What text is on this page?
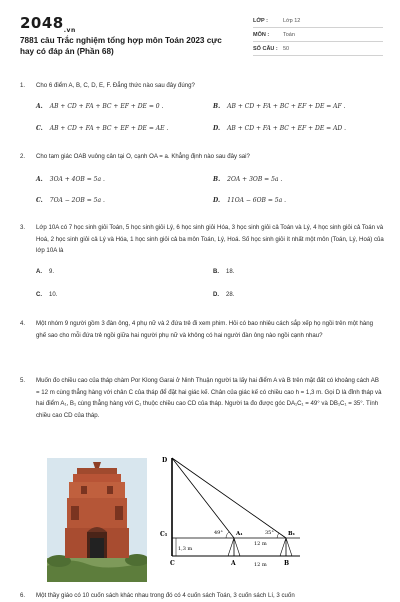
$2048_{.vn}$
7881 câu Trắc nghiệm tổng hợp môn Toán 2023 cực hay có đáp án (Phần 68)
LỚP :	Lớp 12
MÔN :	Toán
SỐ CÂU : 50
1. Cho 6 điểm A, B, C, D, E, F. Đẳng thức nào sau đây đúng?
A. AB + CD + FA + BC + EF + DE = 0 .	B. AB + CD + FA + BC + EF + DE = AF .
C. AB + CD + FA + BC + EF + DE = AE .	D. AB + CD + FA + BC + EF + DE = AD .
2. Cho tam giác OAB vuông cân tại O, cạnh OA = a. Khẳng định nào sau đây sai?
A. 3OA + 4OB = 5a .	B. 2OA + 3OB = 5a .
C. 7OA − 2OB = 5a .	D. 11OA − 6OB = 5a .
3. Lớp 10A có 7 học sinh giỏi Toán, 5 học sinh giỏi Lý, 6 học sinh giỏi Hóa, 3 học sinh giỏi cả Toán và Lý, 4 học sinh giỏi cả Toán và Hoá, 2 học sinh giỏi cả Lý và Hóa, 1 học sinh giỏi cả ba môn Toán, Lý, Hoá. Số học sinh giỏi ít nhất một môn (Toán, Lý, Hoá) của lớp 10A là
A. 9.	B. 18.
C. 10.	D. 28.
4. Một nhóm 9 người gồm 3 đàn ông, 4 phụ nữ và 2 đứa trẻ đi xem phim. Hỏi có bao nhiêu cách sắp xếp họ ngồi trên một hàng ghế sao cho mỗi đứa trẻ ngồi giữa hai người phụ nữ và không có hai người đàn ông nào ngồi cạnh nhau?
5. Muốn đo chiều cao của tháp chàm Por Klong Garai ở Ninh Thuận người ta lấy hai điểm A và B trên mặt đất có khoảng cách AB = 12 m cùng thẳng hàng với chân C của tháp để đặt hai giác kế. Chân của giác kế có chiều cao h = 1,3 m. Gọi D là đỉnh tháp và hai điểm A₁, B₁ cùng thẳng hàng với C₁ thuộc chiều cao CD của tháp. Người ta đo được góc DA₁C₁ = 49° và DB₁C₁ = 35°. Tính chiều cao CD của tháp.
D
C₁
C	A	B
A₁	B₁
49°	35°
1,3 m
12 m
12 m
6. Một thầy giáo có 10 cuốn sách khác nhau trong đó có 4 cuốn sách Toán, 3 cuốn sách Lí, 3 cuốn
